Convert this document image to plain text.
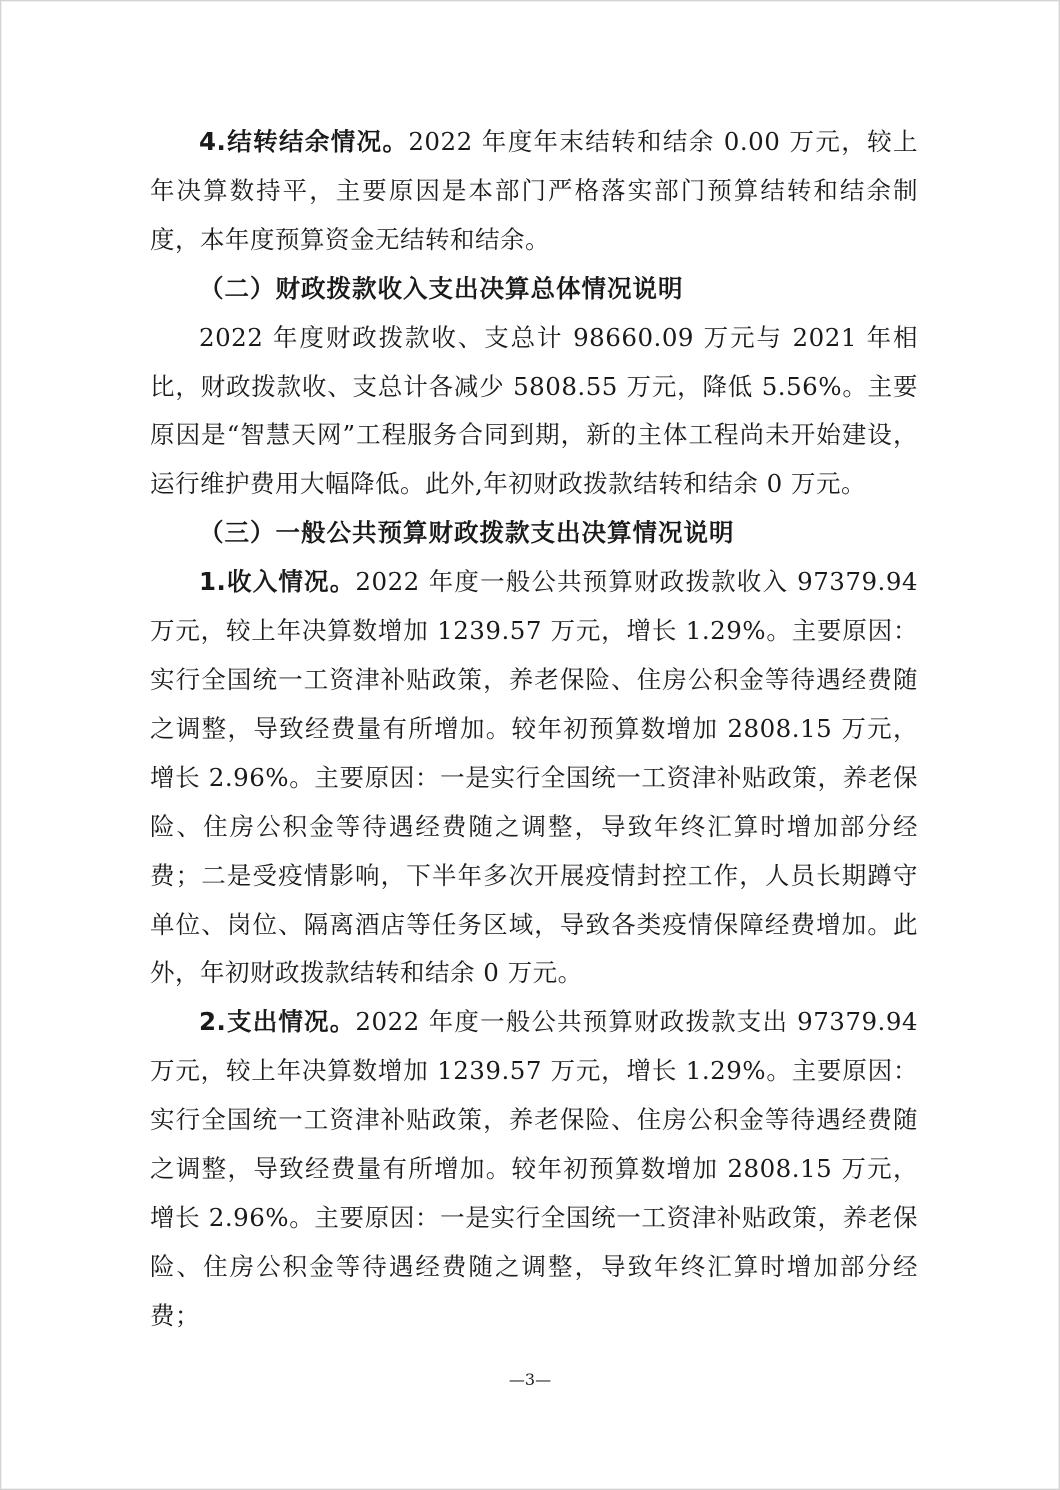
4.结转结余情况。2022 年度年末结转和结余 0.00 万元，较上年决算数持平，主要原因是本部门严格落实部门预算结转和结余制度，本年度预算资金无结转和结余。

（二）财政拨款收入支出决算总体情况说明

2022 年度财政拨款收、支总计 98660.09 万元与 2021 年相比，财政拨款收、支总计各减少 5808.55 万元，降低 5.56%。主要原因是“智慧天网”工程服务合同到期，新的主体工程尚未开始建设，运行维护费用大幅降低。此外,年初财政拨款结转和结余 0 万元。

（三）一般公共预算财政拨款支出决算情况说明

1.收入情况。2022 年度一般公共预算财政拨款收入 97379.94 万元，较上年决算数增加 1239.57 万元，增长 1.29%。主要原因：实行全国统一工资津补贴政策，养老保险、住房公积金等待遇经费随之调整，导致经费量有所增加。较年初预算数增加 2808.15 万元，增长 2.96%。主要原因：一是实行全国统一工资津补贴政策，养老保险、住房公积金等待遇经费随之调整，导致年终汇算时增加部分经费；二是受疫情影响，下半年多次开展疫情封控工作，人员长期蹲守单位、岗位、隔离酒店等任务区域，导致各类疫情保障经费增加。此外，年初财政拨款结转和结余 0 万元。

2.支出情况。2022 年度一般公共预算财政拨款支出 97379.94 万元，较上年决算数增加 1239.57 万元，增长 1.29%。主要原因：实行全国统一工资津补贴政策，养老保险、住房公积金等待遇经费随之调整，导致经费量有所增加。较年初预算数增加 2808.15 万元，增长 2.96%。主要原因：一是实行全国统一工资津补贴政策，养老保险、住房公积金等待遇经费随之调整，导致年终汇算时增加部分经费；

—3—
